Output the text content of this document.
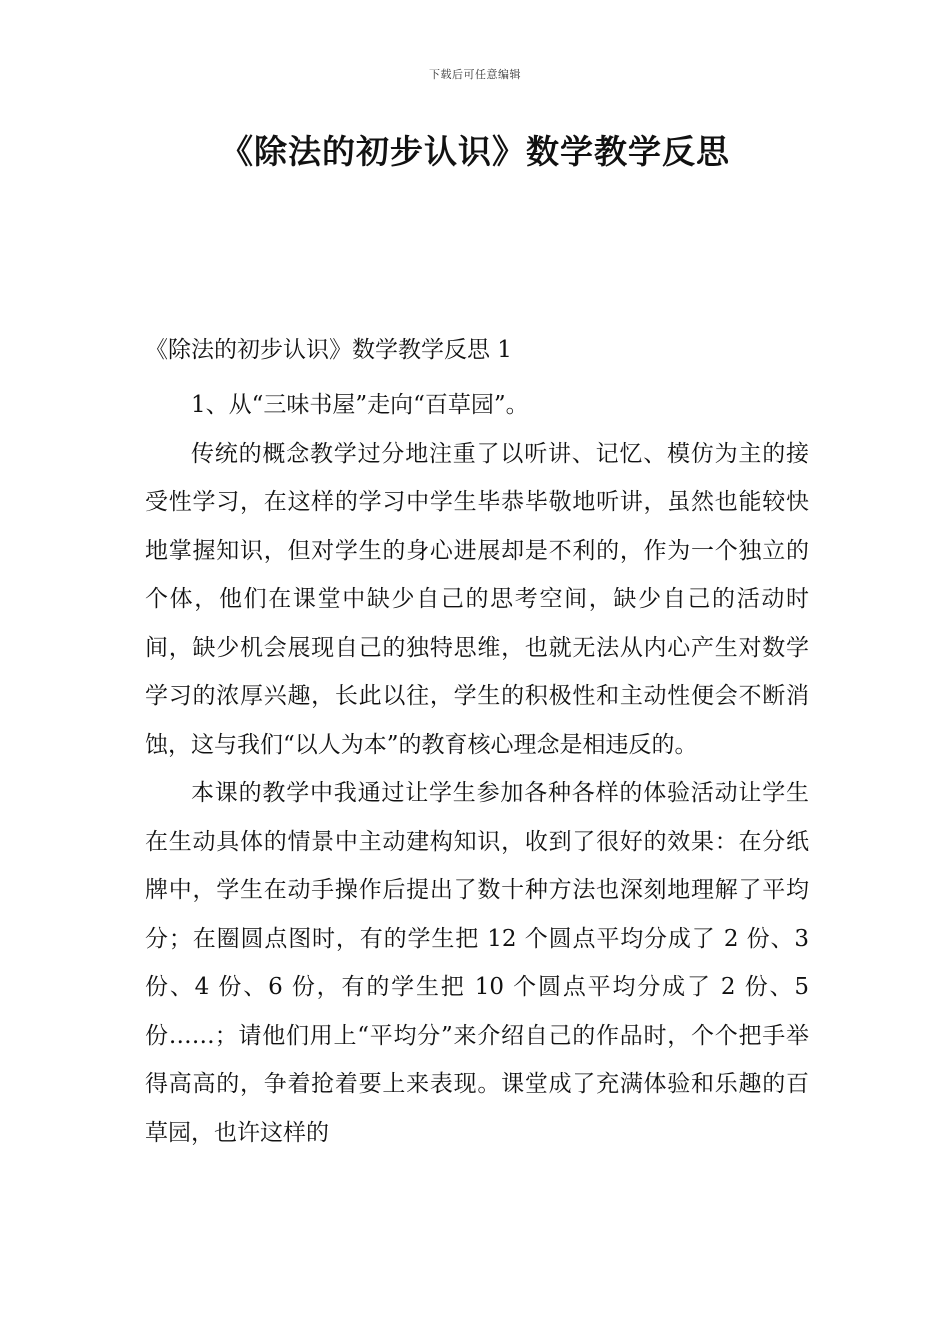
下载后可任意编辑
《除法的初步认识》数学教学反思
《除法的初步认识》数学教学反思 1

1、从“三味书屋”走向“百草园”。

传统的概念教学过分地注重了以听讲、记忆、模仿为主的接受性学习，在这样的学习中学生毕恭毕敬地听讲，虽然也能较快地掌握知识，但对学生的身心进展却是不利的，作为一个独立的个体，他们在课堂中缺少自己的思考空间，缺少自己的活动时间，缺少机会展现自己的独特思维，也就无法从内心产生对数学学习的浓厚兴趣，长此以往，学生的积极性和主动性便会不断消蚀，这与我们“以人为本”的教育核心理念是相违反的。

本课的教学中我通过让学生参加各种各样的体验活动让学生在生动具体的情景中主动建构知识，收到了很好的效果：在分纸牌中，学生在动手操作后提出了数十种方法也深刻地理解了平均分；在圈圆点图时，有的学生把 12 个圆点平均分成了 2 份、3 份、4 份、6 份，有的学生把 10 个圆点平均分成了 2 份、5 份……；请他们用上“平均分”来介绍自己的作品时，个个把手举得高高的，争着抢着要上来表现。课堂成了充满体验和乐趣的百草园，也许这样的
